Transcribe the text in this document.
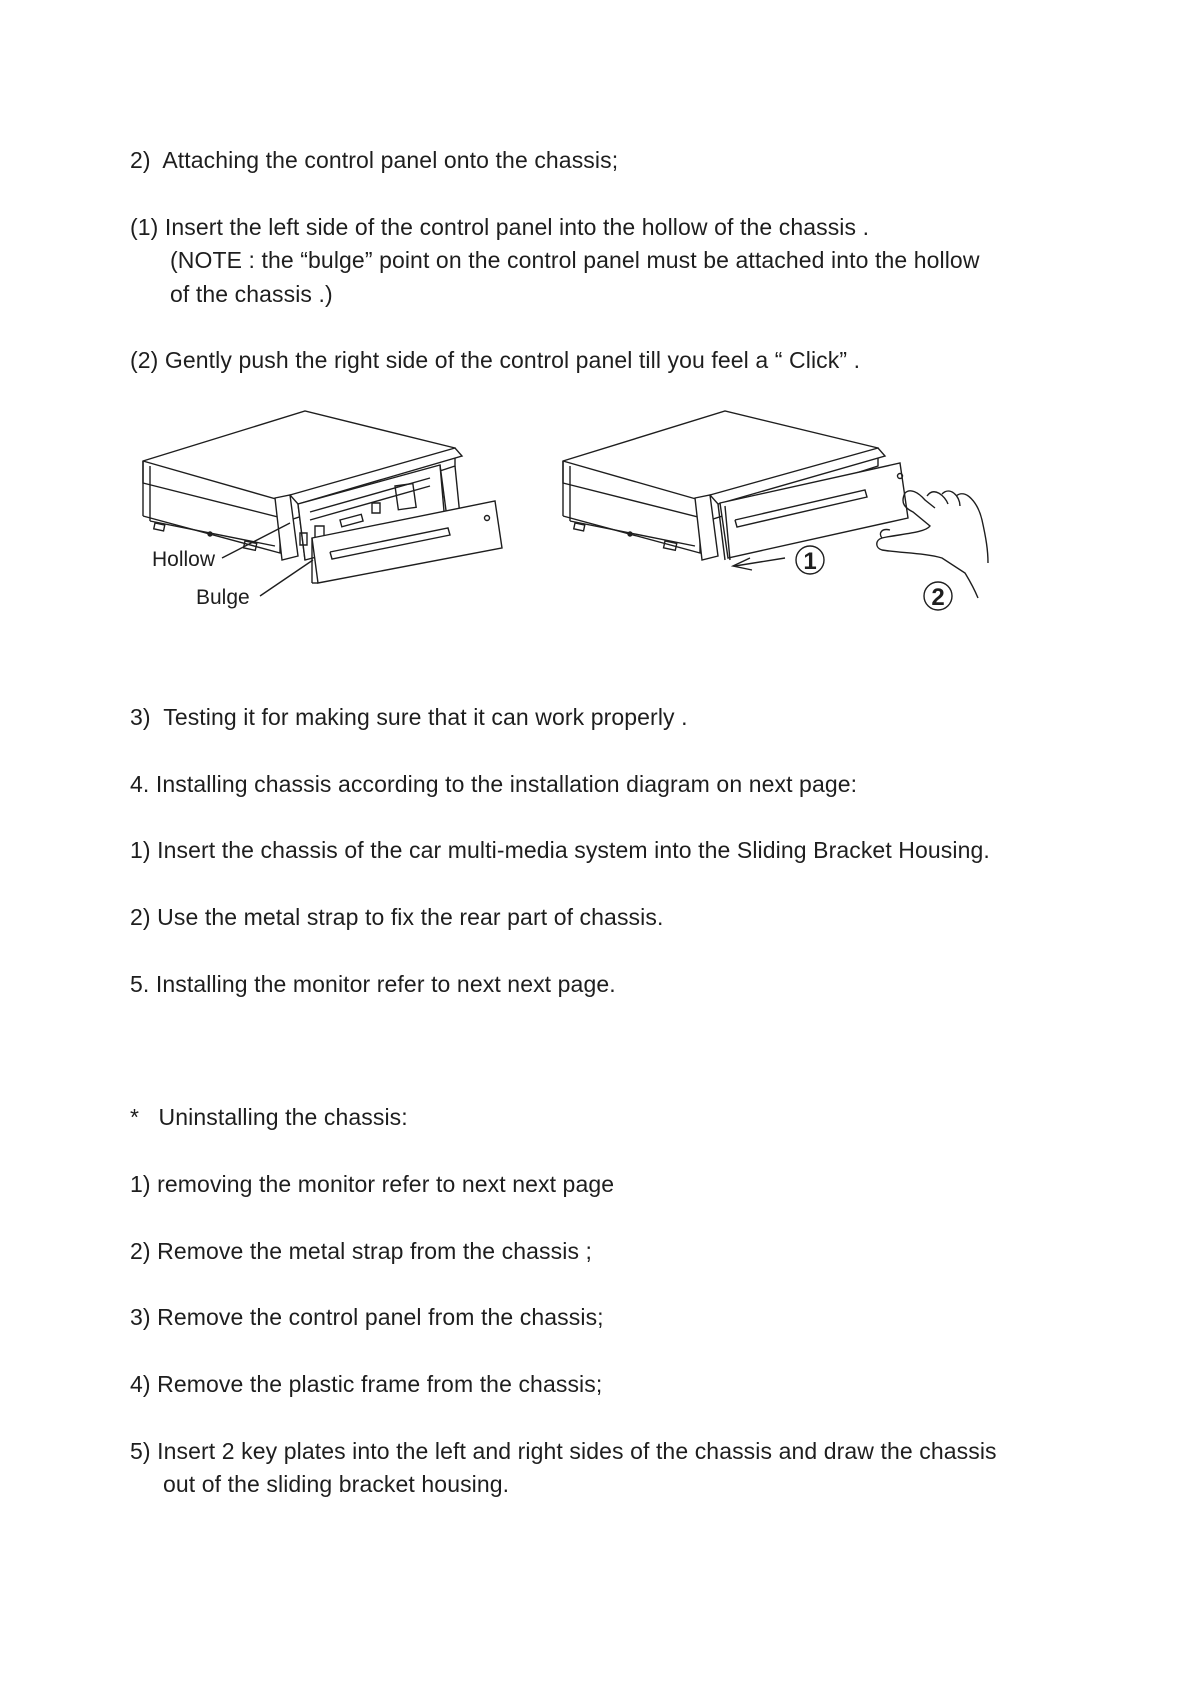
2)  Attaching the control panel onto the chassis;
(1) Insert the left side of the control panel into the hollow of the chassis .
(NOTE : the “bulge” point on the control panel must be attached into the hollow
of the chassis .)
(2) Gently push the right side of the control panel till you feel a “ Click” .
1
2
Hollow
Bulge
3)  Testing it for making sure that it can work properly .
4. Installing chassis according to the installation diagram on next page:
1) Insert the chassis of the car multi-media system into the Sliding Bracket Housing.
2) Use the metal strap to fix the rear part of chassis.
5. Installing the monitor refer to next next page.
*   Uninstalling the chassis:
1) removing the monitor refer to next next page
2) Remove the metal strap from the chassis ;
3) Remove the control panel from the chassis;
4) Remove the plastic frame from the chassis;
5) Insert 2 key plates into the left and right sides of the chassis and draw the chassis
out of the sliding bracket housing.
